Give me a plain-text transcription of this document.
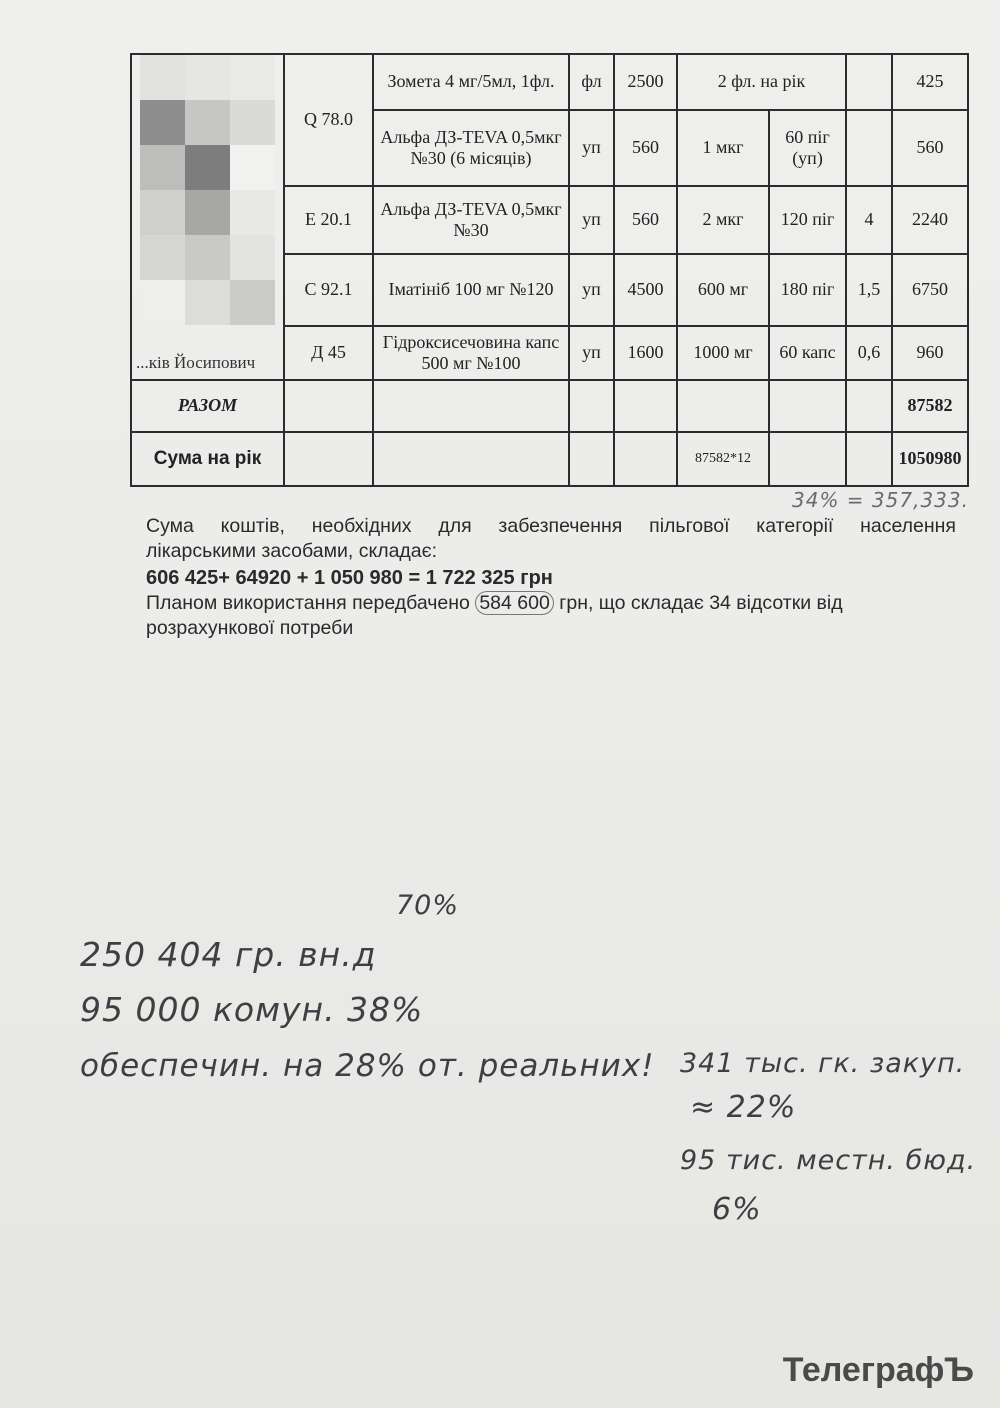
...ків Йосипович	Q 78.0	Зомета 4 мг/5мл, 1фл.	фл	2500	2 фл. на рік			425
		Альфа ДЗ-TEVA 0,5мкг №30 (6 місяців)	уп	560	1 мкг	60 піг (уп)		560
	E 20.1	Альфа ДЗ-TEVA 0,5мкг №30	уп	560	2 мкг	120 піг	4	2240
	C 92.1	Іматініб 100 мг №120	уп	4500	600 мг	180 піг	1,5	6750
	Д 45	Гідроксисечовина капс 500 мг №100	уп	1600	1000 мг	60 капс	0,6	960
РАЗОМ								87582
Сума на рік					87582*12			1050980
34% = 357,333.

Сума коштів, необхідних для забезпечення пільгової категорії населення

лікарськими засобами, складає:

606 425+ 64920 + 1 050 980 = 1 722 325 грн

Планом використання передбачено 584 600 грн, що складає 34 відсотки від

розрахункової потреби

70%
250 404 гр. вн.д
95 000 комун. 38%
обеспечин. на 28% от. реальних! 341 тыс. гк. закуп.
≈ 22%
95 тис. местн. бюд.
6%
ТелеграфЪ
